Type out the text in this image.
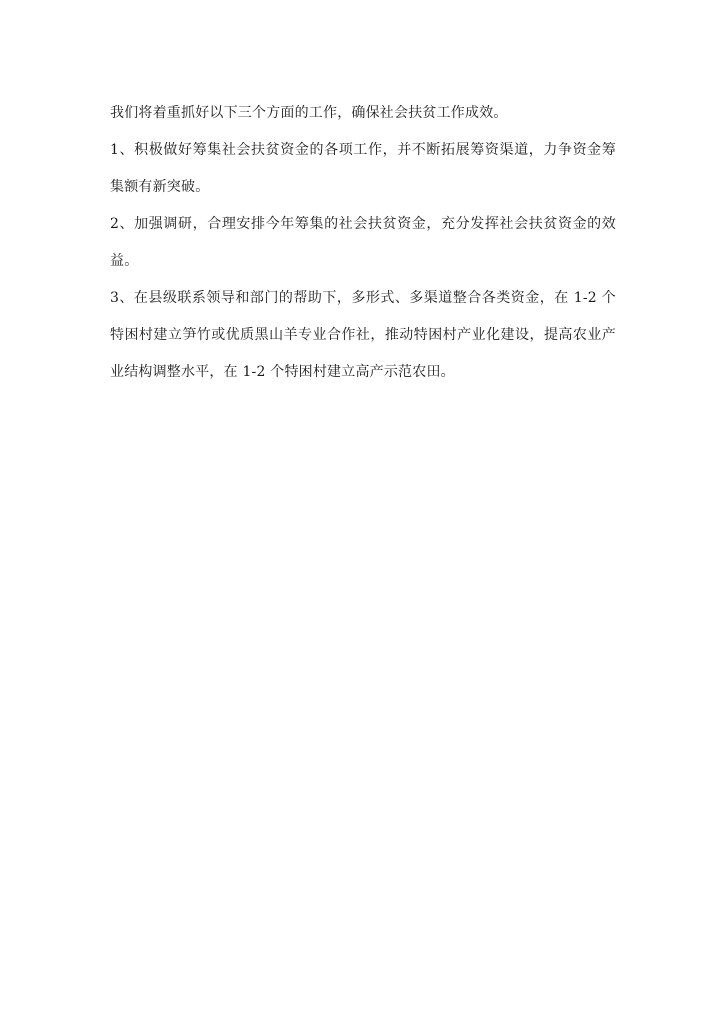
我们将着重抓好以下三个方面的工作，确保社会扶贫工作成效。

1、积极做好筹集社会扶贫资金的各项工作，并不断拓展筹资渠道，力争资金筹集额有新突破。

2、加强调研，合理安排今年筹集的社会扶贫资金，充分发挥社会扶贫资金的效益。

3、在县级联系领导和部门的帮助下，多形式、多渠道整合各类资金，在 1-2 个特困村建立笋竹或优质黑山羊专业合作社，推动特困村产业化建设，提高农业产业结构调整水平，在 1-2 个特困村建立高产示范农田。
